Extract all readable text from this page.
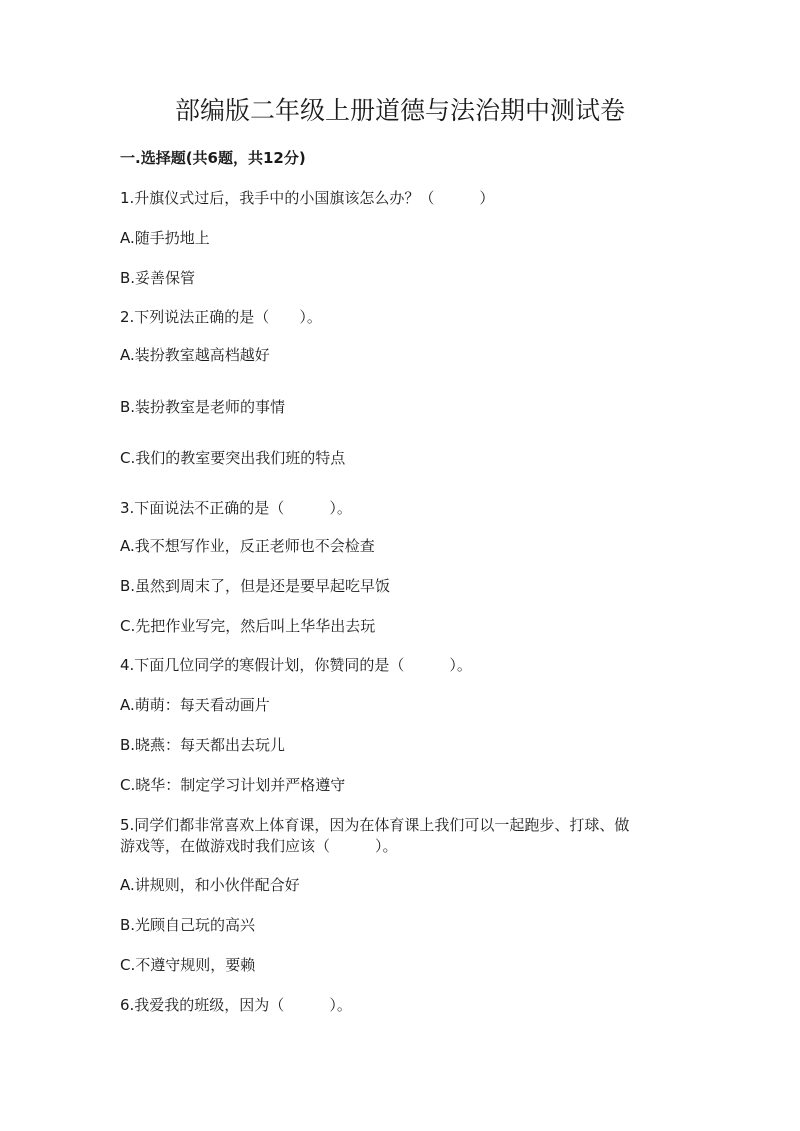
部编版二年级上册道德与法治期中测试卷
一.选择题(共6题，共12分)
1.升旗仪式过后，我手中的小国旗该怎么办？（　　　）
A.随手扔地上
B.妥善保管
2.下列说法正确的是（　　）。
A.装扮教室越高档越好
B.装扮教室是老师的事情
C.我们的教室要突出我们班的特点
3.下面说法不正确的是（　　　）。
A.我不想写作业，反正老师也不会检查
B.虽然到周末了，但是还是要早起吃早饭
C.先把作业写完，然后叫上华华出去玩
4.下面几位同学的寒假计划，你赞同的是（　　　）。
A.萌萌：每天看动画片
B.晓燕：每天都出去玩儿
C.晓华：制定学习计划并严格遵守
5.同学们都非常喜欢上体育课，因为在体育课上我们可以一起跑步、打球、做
游戏等，在做游戏时我们应该（　　　）。
A.讲规则，和小伙伴配合好
B.光顾自己玩的高兴
C.不遵守规则，要赖
6.我爱我的班级，因为（　　　）。
